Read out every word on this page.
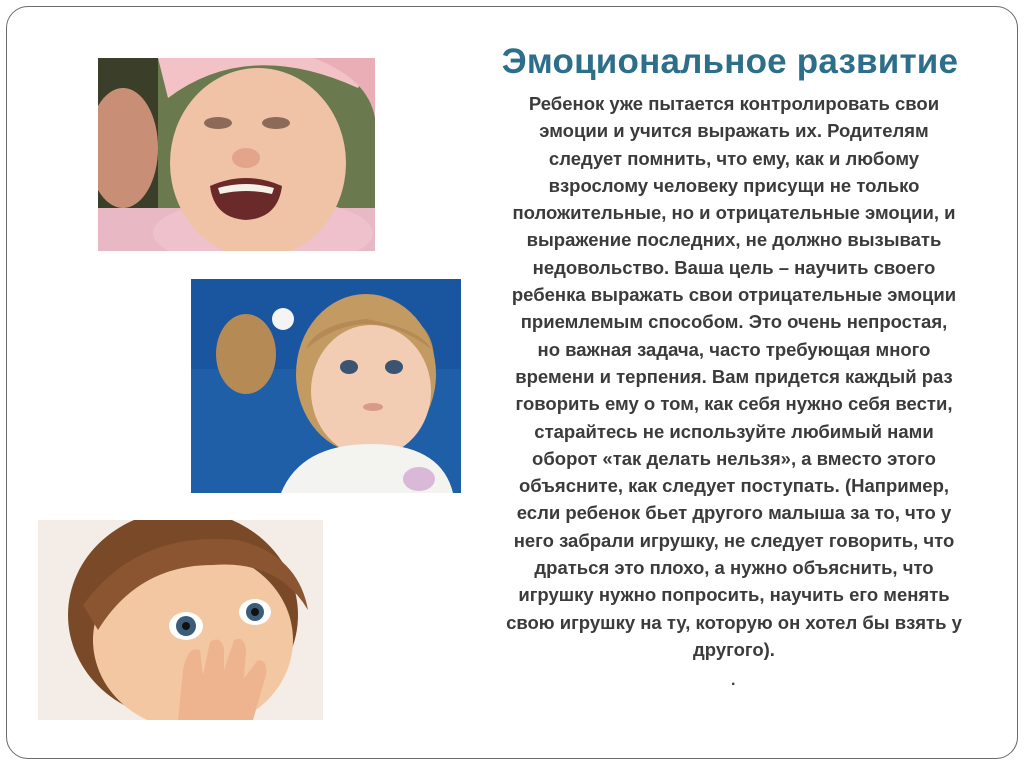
Эмоциональное развитие
Ребенок уже пытается контролировать свои
эмоции и учится выражать их. Родителям
следует помнить, что ему, как и любому
взрослому человеку присущи не только
положительные, но и отрицательные эмоции, и
выражение последних, не должно вызывать
недовольство. Ваша цель – научить своего
ребенка выражать свои отрицательные эмоции
приемлемым способом. Это очень непростая,
но важная задача, часто требующая много
времени и терпения. Вам придется каждый раз
говорить ему о том, как себя нужно себя вести,
старайтесь не используйте любимый нами
оборот «так делать нельзя», а вместо этого
объясните, как следует поступать. (Например,
если ребенок бьет другого малыша за то, что у
него забрали игрушку, не следует говорить, что
драться это плохо, а нужно объяснить, что
игрушку нужно попросить, научить его менять
свою игрушку на ту, которую он хотел бы взять у
другого).
.
